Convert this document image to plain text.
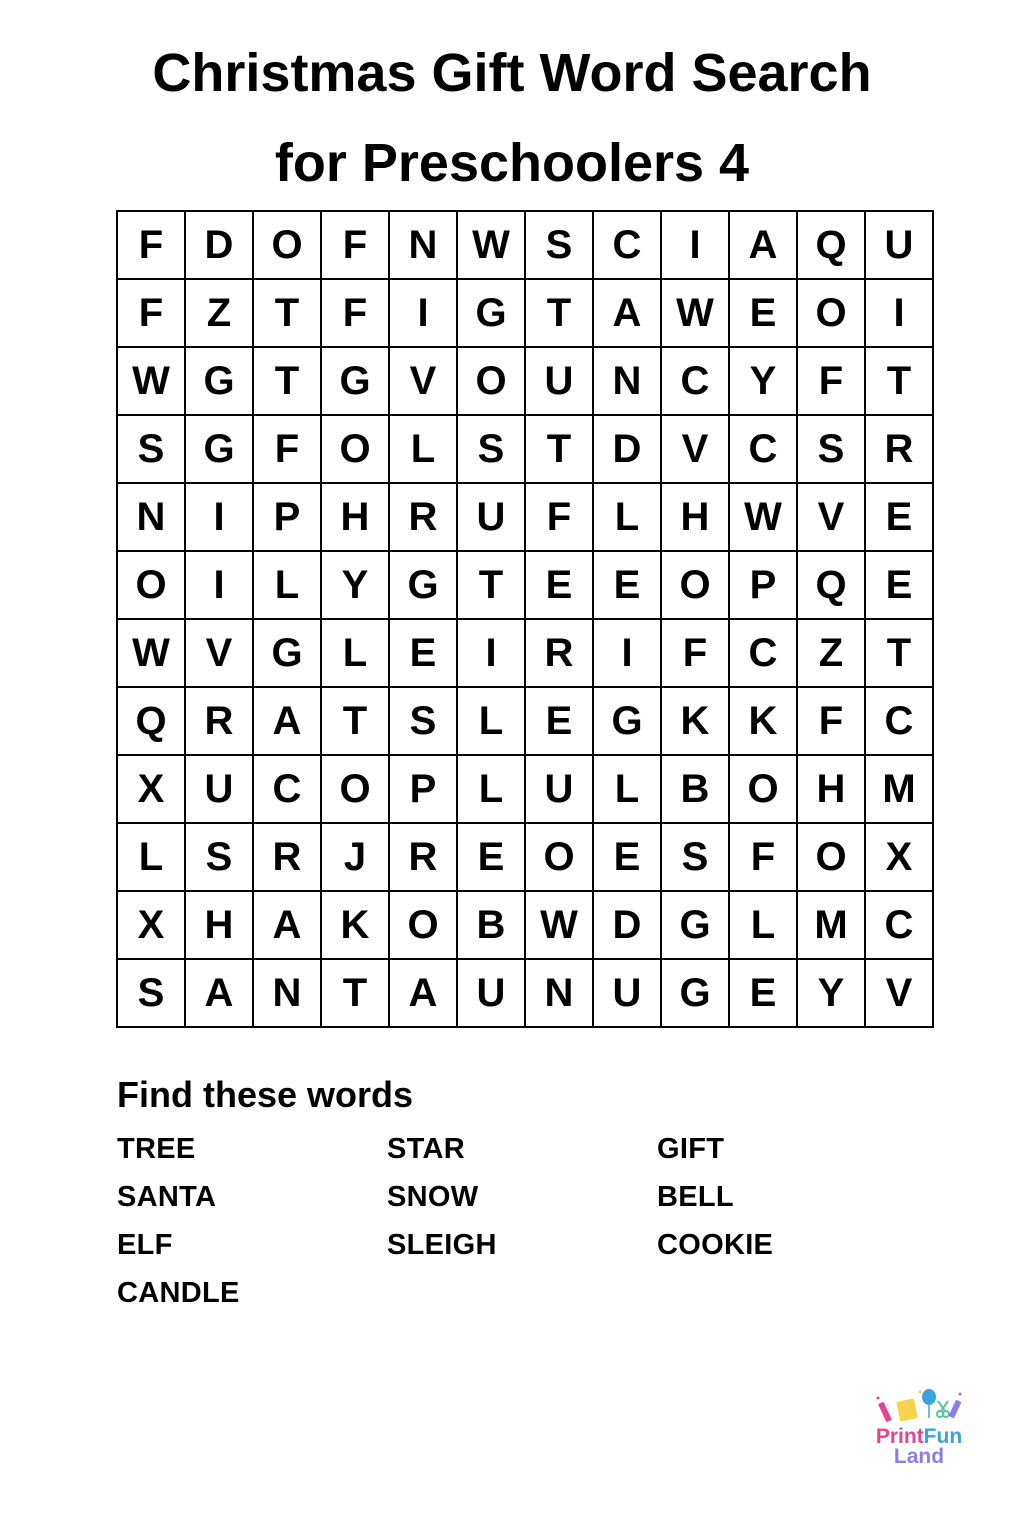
Christmas Gift Word Search
for Preschoolers 4
F	D	O	F	N	W	S	C	I	A	Q	U
F	Z	T	F	I	G	T	A	W	E	O	I
W	G	T	G	V	O	U	N	C	Y	F	T
S	G	F	O	L	S	T	D	V	C	S	R
N	I	P	H	R	U	F	L	H	W	V	E
O	I	L	Y	G	T	E	E	O	P	Q	E
W	V	G	L	E	I	R	I	F	C	Z	T
Q	R	A	T	S	L	E	G	K	K	F	C
X	U	C	O	P	L	U	L	B	O	H	M
L	S	R	J	R	E	O	E	S	F	O	X
X	H	A	K	O	B	W	D	G	L	M	C
S	A	N	T	A	U	N	U	G	E	Y	V
Find these words
TREE	STAR	GIFT
SANTA	SNOW	BELL
ELF	SLEIGH	COOKIE
CANDLE
PrintFun
Land
